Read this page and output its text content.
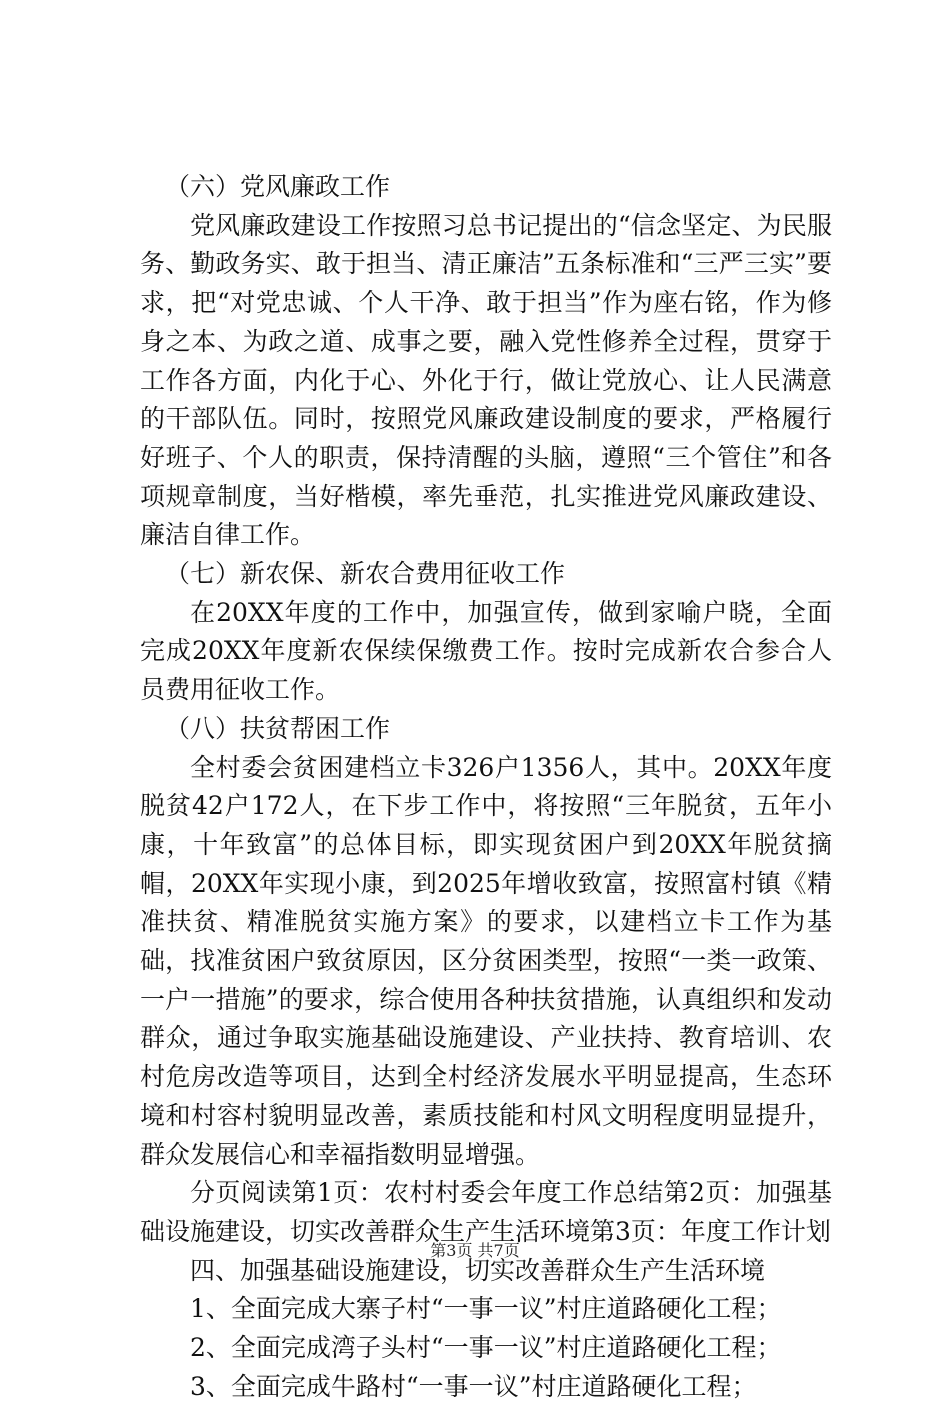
（六）党风廉政工作

党风廉政建设工作按照习总书记提出的“信念坚定、为民服务、勤政务实、敢于担当、清正廉洁”五条标准和“三严三实”要求，把“对党忠诚、个人干净、敢于担当”作为座右铭，作为修身之本、为政之道、成事之要，融入党性修养全过程，贯穿于工作各方面，内化于心、外化于行，做让党放心、让人民满意的干部队伍。同时，按照党风廉政建设制度的要求，严格履行好班子、个人的职责，保持清醒的头脑，遵照“三个管住”和各项规章制度，当好楷模，率先垂范，扎实推进党风廉政建设、廉洁自律工作。

（七）新农保、新农合费用征收工作

在20XX年度的工作中，加强宣传，做到家喻户晓，全面完成20XX年度新农保续保缴费工作。按时完成新农合参合人员费用征收工作。

（八）扶贫帮困工作

全村委会贫困建档立卡326户1356人，其中。20XX年度脱贫42户172人，在下步工作中，将按照“三年脱贫，五年小康，十年致富”的总体目标，即实现贫困户到20XX年脱贫摘帽，20XX年实现小康，到2025年增收致富，按照富村镇《精准扶贫、精准脱贫实施方案》的要求，以建档立卡工作为基础，找准贫困户致贫原因，区分贫困类型，按照“一类一政策、一户一措施”的要求，综合使用各种扶贫措施，认真组织和发动群众，通过争取实施基础设施建设、产业扶持、教育培训、农村危房改造等项目，达到全村经济发展水平明显提高，生态环境和村容村貌明显改善，素质技能和村风文明程度明显提升，群众发展信心和幸福指数明显增强。

分页阅读第1页：农村村委会年度工作总结第2页：加强基础设施建设，切实改善群众生产生活环境第3页：年度工作计划

四、加强基础设施建设，切实改善群众生产生活环境

1、全面完成大寨子村“一事一议”村庄道路硬化工程；

2、全面完成湾子头村“一事一议”村庄道路硬化工程；

3、全面完成牛路村“一事一议”村庄道路硬化工程；

第3页 共7页
